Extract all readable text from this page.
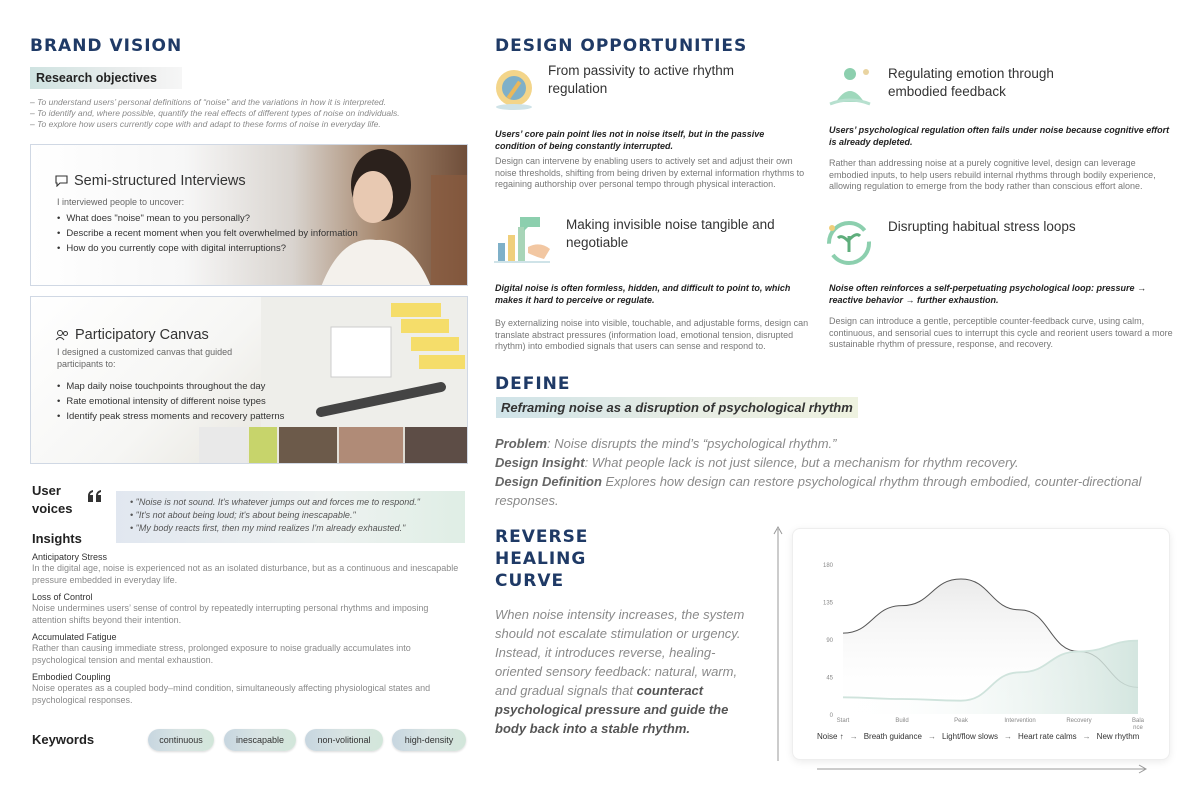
BRAND VISION
Research objectives
– To understand users’ personal definitions of “noise” and the variations in how it is interpreted.
– To identify and, where possible, quantify the real effects of different types of noise on individuals.
– To explore how users currently cope with and adapt to these forms of noise in everyday life.
Semi-structured Interviews
I interviewed people to uncover:
• What does "noise" mean to you personally?
• Describe a recent moment when you felt overwhelmed by information
• How do you currently cope with digital interruptions?
Participatory Canvas
I designed a customized canvas that guided participants to:
• Map daily noise touchpoints throughout the day
• Rate emotional intensity of different noise types
• Identify peak stress moments and recovery patterns
User voices	• "Noise is not sound. It's whatever jumps out and forces me to respond."
• "It's not about being loud; it's about being inescapable."
• "My body reacts first, then my mind realizes I'm already exhausted."
Insights
Anticipatory Stress
In the digital age, noise is experienced not as an isolated disturbance, but as a continuous and inescapable pressure embedded in everyday life.
Loss of Control
Noise undermines users’ sense of control by repeatedly interrupting personal rhythms and imposing attention shifts beyond their intention.
Accumulated Fatigue
Rather than causing immediate stress, prolonged exposure to noise gradually accumulates into psychological tension and mental exhaustion.
Embodied Coupling
Noise operates as a coupled body–mind condition, simultaneously affecting physiological states and psychological responses.
Keywords	continuous	inescapable	non-volitional	high-density
DESIGN OPPORTUNITIES
From passivity to active rhythm regulation
Users’ core pain point lies not in noise itself, but in the passive condition of being constantly interrupted.
Design can intervene by enabling users to actively set and adjust their own noise thresholds, shifting from being driven by external information rhythms to regaining authorship over personal tempo through physical interaction.
Regulating emotion through embodied feedback
Users’ psychological regulation often fails under noise because cognitive effort is already depleted.
Rather than addressing noise at a purely cognitive level, design can leverage embodied inputs, to help users rebuild internal rhythms through bodily experience, allowing regulation to emerge from the body rather than conscious effort alone.
Making invisible noise tangible and negotiable
Digital noise is often formless, hidden, and difficult to point to, which makes it hard to perceive or regulate.
By externalizing noise into visible, touchable, and adjustable forms, design can translate abstract pressures (information load, emotional tension, disrupted rhythm) into embodied signals that users can sense and respond to.
Disrupting habitual stress loops
Noise often reinforces a self-perpetuating psychological loop: pressure → reactive behavior → further exhaustion.
Design can introduce a gentle, perceptible counter-feedback curve, using calm, continuous, and sensorial cues to interrupt this cycle and reorient users toward a more sustainable rhythm of pressure, response, and recovery.
DEFINE
Reframing noise as a disruption of psychological rhythm
Problem: Noise disrupts the mind’s “psychological rhythm.”
Design Insight: What people lack is not just silence, but a mechanism for rhythm recovery.
Design Definition Explores how design can restore psychological rhythm through embodied, counter-directional responses.
REVERSE
HEALING
CURVE
When noise intensity increases, the system should not escalate stimulation or urgency. Instead, it introduces reverse, healing-oriented sensory feedback: natural, warm, and gradual signals that counteract psychological pressure and guide the body back into a stable rhythm.
0
45
90
135
180
Start	Build	Peak	Intervention	Recovery	Bala
nce
Noise ↑ → Breath guidance → Light/flow slows → Heart rate calms → New rhythm
